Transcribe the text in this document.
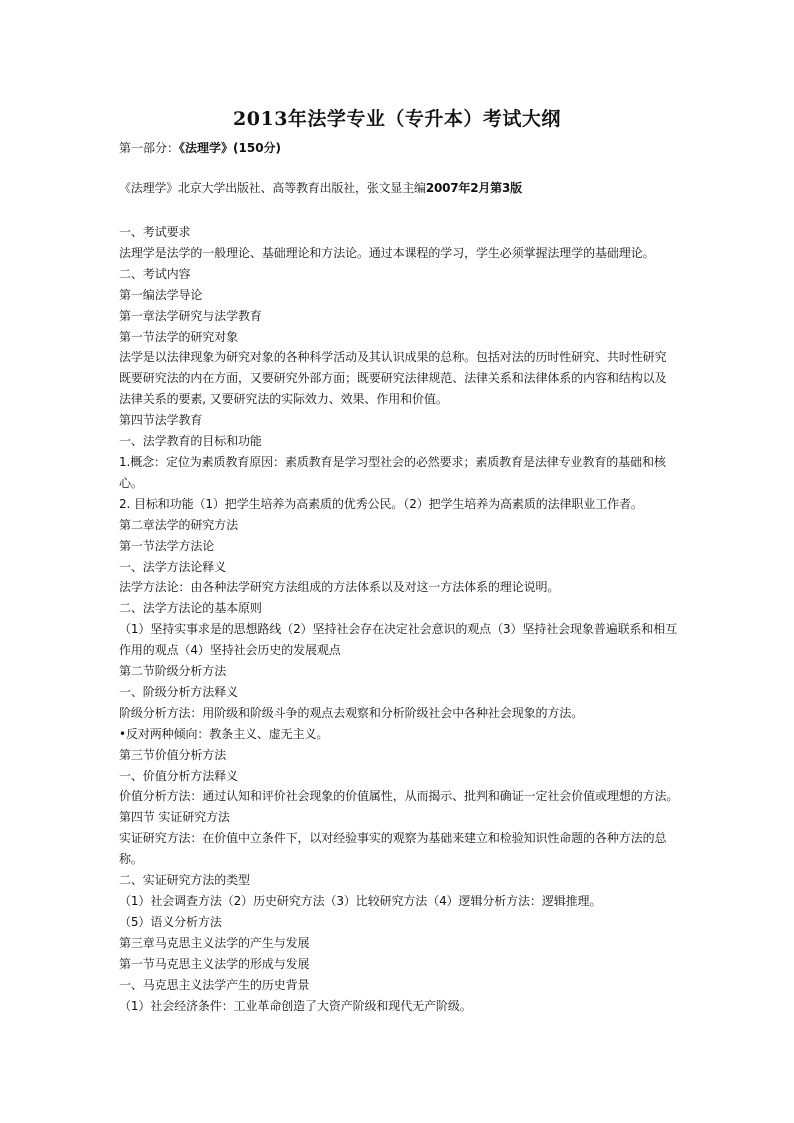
2013年法学专业（专升本）考试大纲
第一部分：《法理学》(150分)
《法理学》北京大学出版社、高等教育出版社，张文显主编2007年2月第3版

一、考试要求

法理学是法学的一般理论、基础理论和方法论。通过本课程的学习，学生必须掌握法理学的基础理论。

二、考试内容

第一编法学导论

第一章法学研究与法学教育

第一节法学的研究对象

法学是以法律现象为研究对象的各种科学活动及其认识成果的总称。包括对法的历时性研究、共时性研究

既要研究法的内在方面，又要研究外部方面；既要研究法律规范、法律关系和法律体系的内容和结构以及

法律关系的要素, 又要研究法的实际效力、效果、作用和价值。

第四节法学教育

一、法学教育的目标和功能

1.概念：定位为素质教育原因：素质教育是学习型社会的必然要求；素质教育是法律专业教育的基础和核

心。

2. 目标和功能（1）把学生培养为高素质的优秀公民。（2）把学生培养为高素质的法律职业工作者。

第二章法学的研究方法

第一节法学方法论

一、法学方法论释义

法学方法论：由各种法学研究方法组成的方法体系以及对这一方法体系的理论说明。

二、法学方法论的基本原则

（1）坚持实事求是的思想路线（2）坚持社会存在决定社会意识的观点（3）坚持社会现象普遍联系和相互

作用的观点（4）坚持社会历史的发展观点

第二节阶级分析方法

一、阶级分析方法释义

阶级分析方法：用阶级和阶级斗争的观点去观察和分析阶级社会中各种社会现象的方法。

•反对两种倾向：教条主义、虚无主义。

第三节价值分析方法

一、价值分析方法释义

价值分析方法：通过认知和评价社会现象的价值属性，从而揭示、批判和确证一定社会价值或理想的方法。

第四节 实证研究方法

实证研究方法：在价值中立条件下，以对经验事实的观察为基础来建立和检验知识性命题的各种方法的总

称。

二、实证研究方法的类型

（1）社会调查方法（2）历史研究方法（3）比较研究方法（4）逻辑分析方法：逻辑推理。

（5）语义分析方法

第三章马克思主义法学的产生与发展

第一节马克思主义法学的形成与发展

一、马克思主义法学产生的历史背景

（1）社会经济条件：工业革命创造了大资产阶级和现代无产阶级。
